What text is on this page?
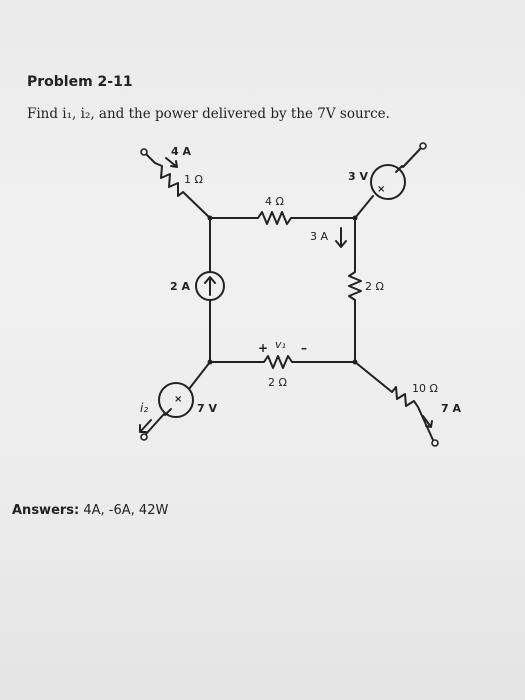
Problem 2-11
Find i₁, i₂, and the power delivered by the 7V source.
×
×
4 A
1 Ω
4 Ω
3 V
3 A
2 A	2 Ω
+ v₁ –
2 Ω	10 Ω
7 A
i₂	7 V
Answers: 4A, -6A, 42W
